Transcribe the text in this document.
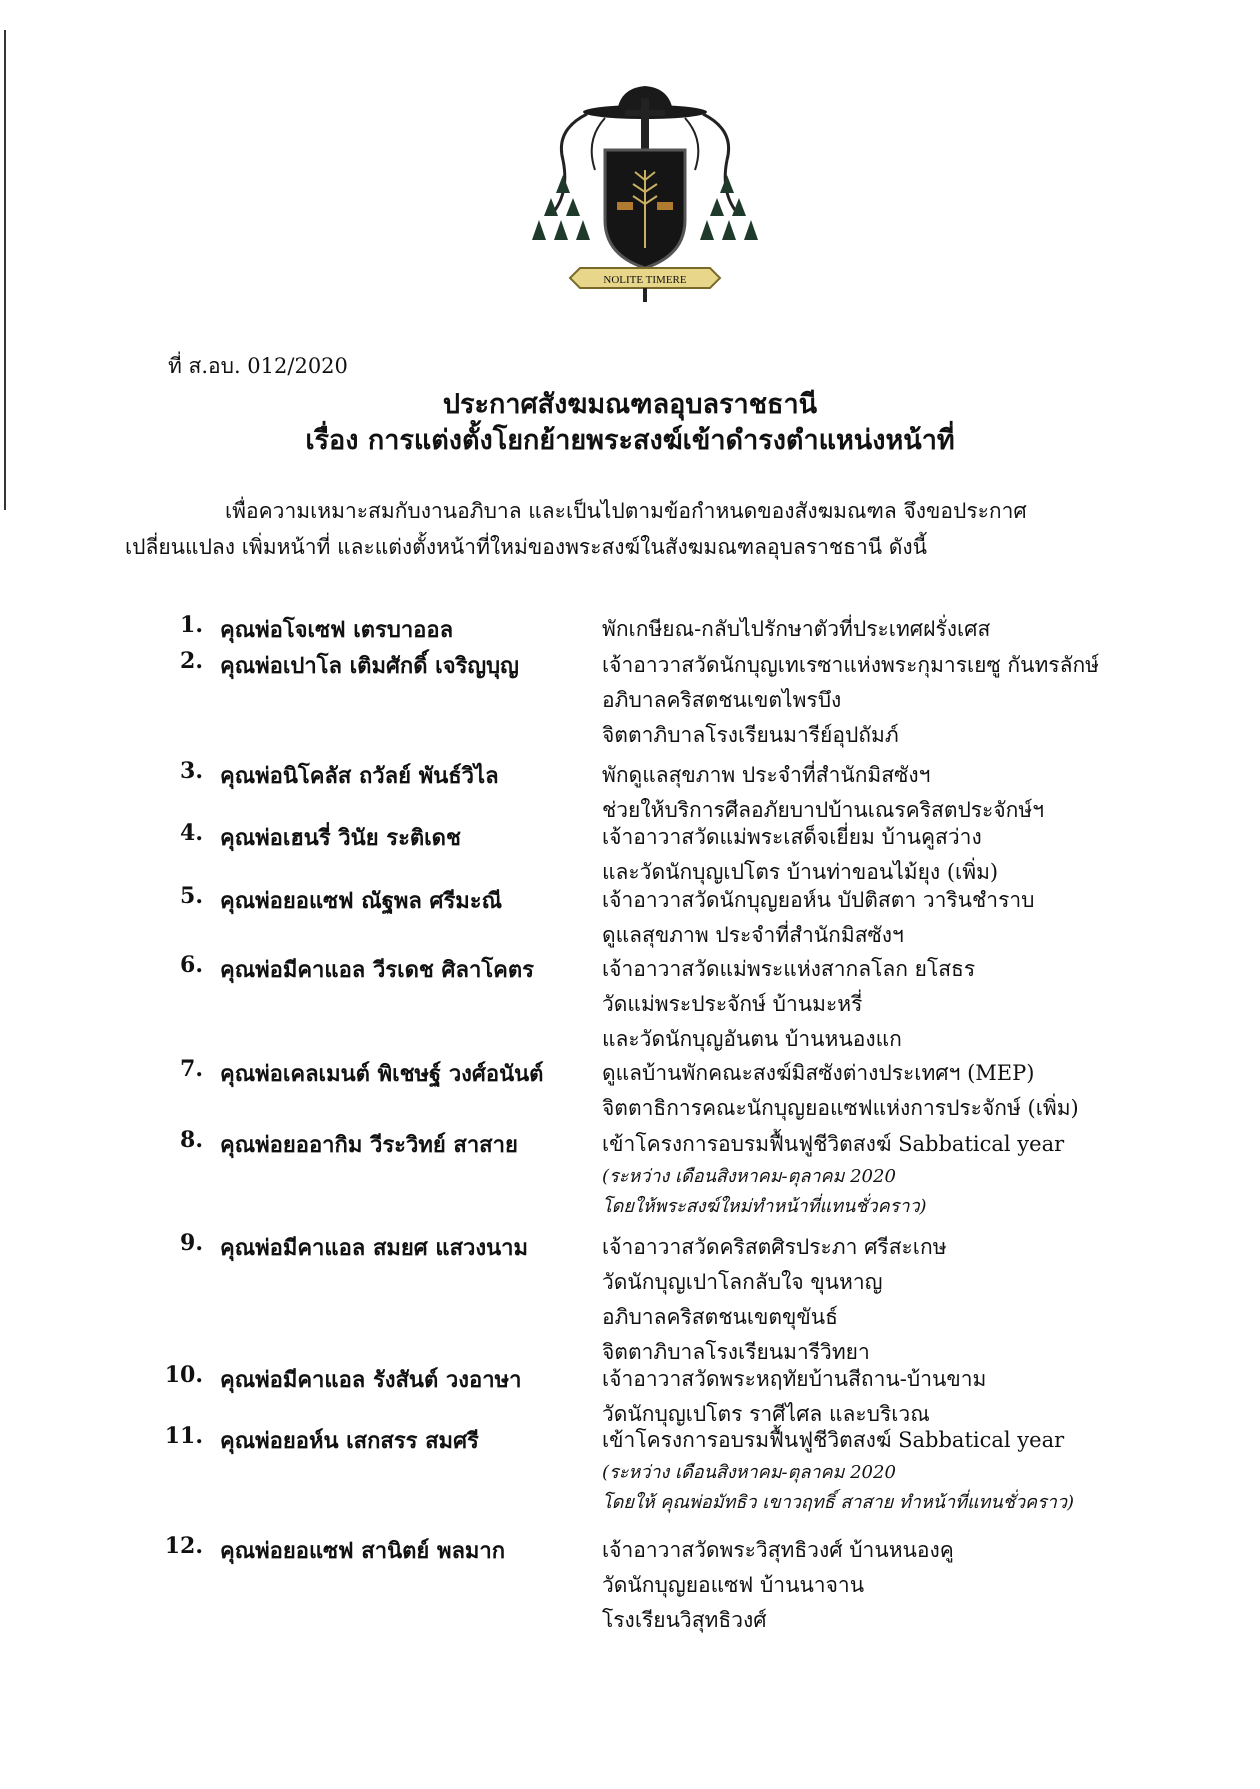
NOLITE TIMERE
ที่ ส.อบ. 012/2020
ประกาศสังฆมณฑลอุบลราชธานี
เรื่อง การแต่งตั้งโยกย้ายพระสงฆ์เข้าดำรงตำแหน่งหน้าที่
เพื่อความเหมาะสมกับงานอภิบาล และเป็นไปตามข้อกำหนดของสังฆมณฑล จึงขอประกาศ
เปลี่ยนแปลง เพิ่มหน้าที่ และแต่งตั้งหน้าที่ใหม่ของพระสงฆ์ในสังฆมณฑลอุบลราชธานี ดังนี้
1. คุณพ่อโจเซฟ เตรบาออล	พักเกษียณ-กลับไปรักษาตัวที่ประเทศฝรั่งเศส
2. คุณพ่อเปาโล เติมศักดิ์ เจริญบุญ	เจ้าอาวาสวัดนักบุญเทเรซาแห่งพระกุมารเยซู กันทรลักษ์
อภิบาลคริสตชนเขตไพรบึง
จิตตาภิบาลโรงเรียนมารีย์อุปถัมภ์
3. คุณพ่อนิโคลัส ถวัลย์ พันธ์วิไล	พักดูแลสุขภาพ ประจำที่สำนักมิสซังฯ
ช่วยให้บริการศีลอภัยบาปบ้านเณรคริสตประจักษ์ฯ
4. คุณพ่อเฮนรี่ วินัย ระติเดช	เจ้าอาวาสวัดแม่พระเสด็จเยี่ยม บ้านคูสว่าง
และวัดนักบุญเปโตร บ้านท่าขอนไม้ยุง (เพิ่ม)
5. คุณพ่อยอแซฟ ณัฐพล ศรีมะณี	เจ้าอาวาสวัดนักบุญยอห์น บัปติสตา วารินชำราบ
ดูแลสุขภาพ ประจำที่สำนักมิสซังฯ
6. คุณพ่อมีคาแอล วีรเดช ศิลาโคตร	เจ้าอาวาสวัดแม่พระแห่งสากลโลก ยโสธร
วัดแม่พระประจักษ์ บ้านมะหรี่
และวัดนักบุญอันตน บ้านหนองแก
7. คุณพ่อเคลเมนต์ พิเชษฐ์ วงศ์อนันต์	ดูแลบ้านพักคณะสงฆ์มิสซังต่างประเทศฯ (MEP)
จิตตาธิการคณะนักบุญยอแซฟแห่งการประจักษ์ (เพิ่ม)
8. คุณพ่อยออากิม วีระวิทย์ สาสาย	เข้าโครงการอบรมฟื้นฟูชีวิตสงฆ์ Sabbatical year
(ระหว่าง เดือนสิงหาคม-ตุลาคม 2020
โดยให้พระสงฆ์ใหม่ทำหน้าที่แทนชั่วคราว)
9. คุณพ่อมีคาแอล สมยศ แสวงนาม	เจ้าอาวาสวัดคริสตศิรประภา ศรีสะเกษ
วัดนักบุญเปาโลกลับใจ ขุนหาญ
อภิบาลคริสตชนเขตขุขันธ์
จิตตาภิบาลโรงเรียนมารีวิทยา
10. คุณพ่อมีคาแอล รังสันต์ วงอาษา	เจ้าอาวาสวัดพระหฤทัยบ้านสีถาน-บ้านขาม
วัดนักบุญเปโตร ราศีไศล และบริเวณ
11. คุณพ่อยอห์น เสกสรร สมศรี	เข้าโครงการอบรมฟื้นฟูชีวิตสงฆ์ Sabbatical year
(ระหว่าง เดือนสิงหาคม-ตุลาคม 2020
โดยให้ คุณพ่อมัทธิว เขาวฤทธิ์ สาสาย ทำหน้าที่แทนชั่วคราว)
12. คุณพ่อยอแซฟ สานิตย์ พลมาก	เจ้าอาวาสวัดพระวิสุทธิวงศ์ บ้านหนองคู
วัดนักบุญยอแซฟ บ้านนาจาน
โรงเรียนวิสุทธิวงศ์
